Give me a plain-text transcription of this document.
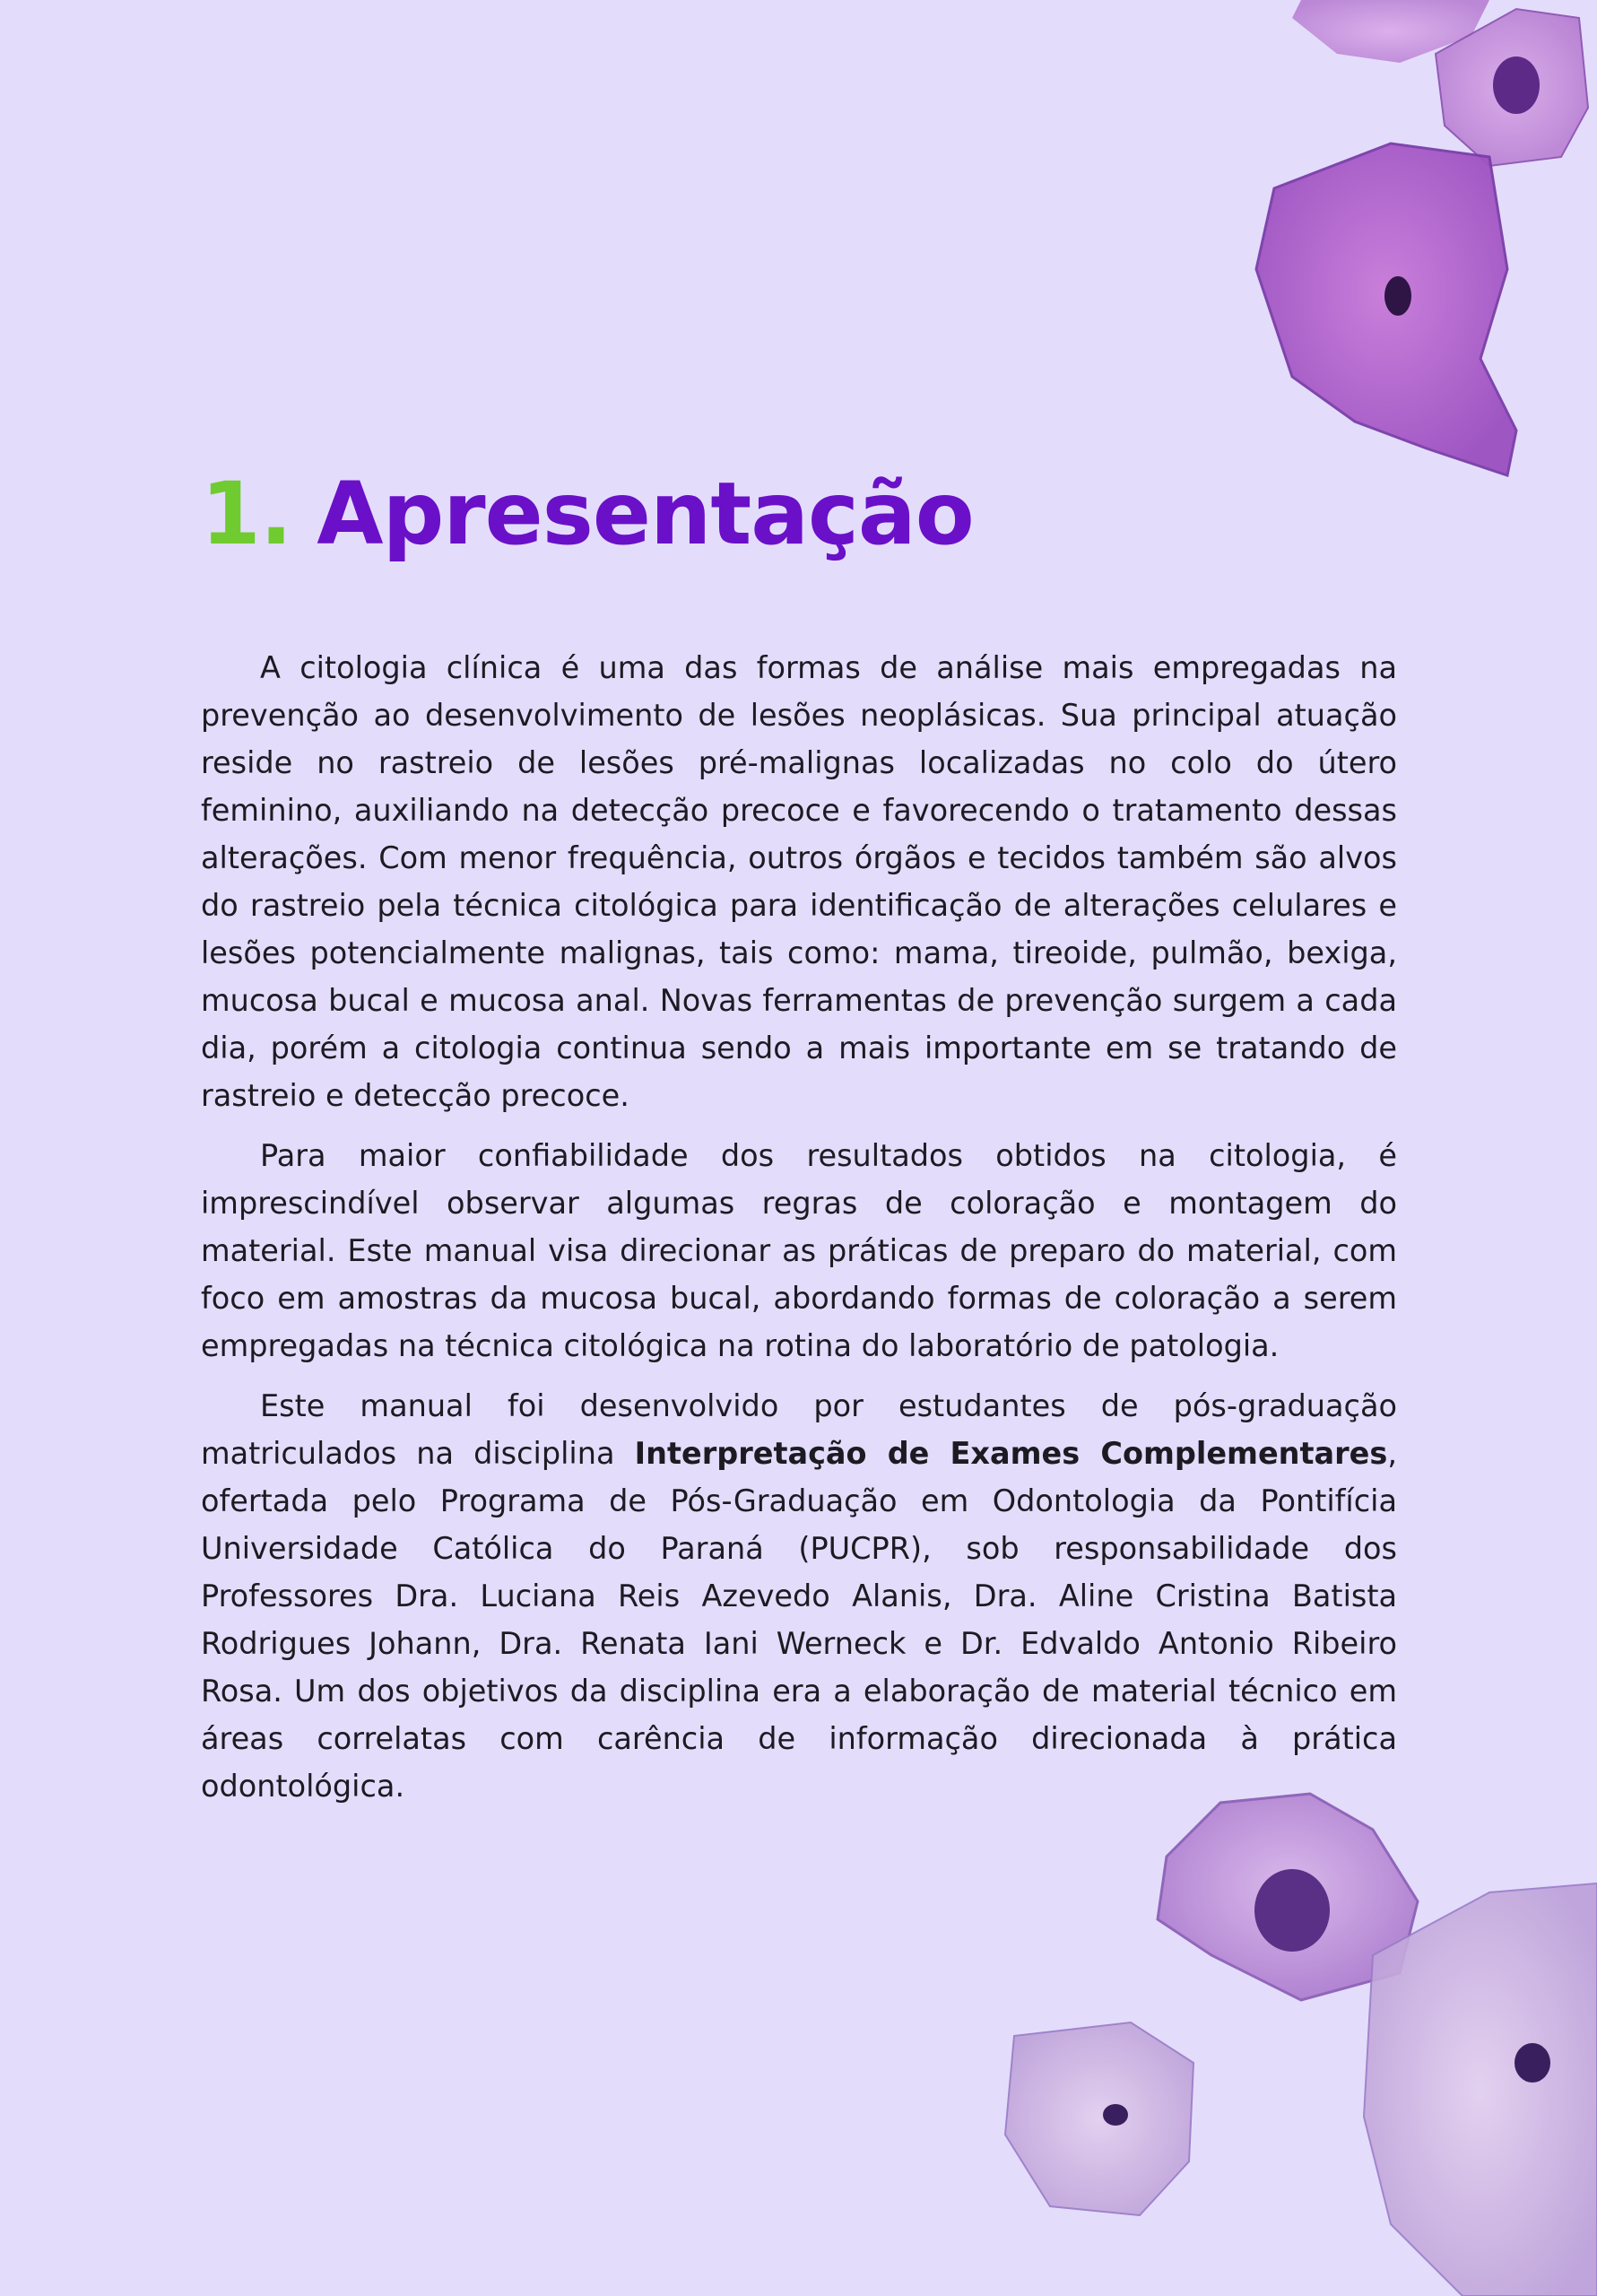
1. Apresentação

A citologia clínica é uma das formas de análise mais empregadas na prevenção ao desenvolvimento de lesões neoplásicas. Sua principal atuação reside no rastreio de lesões pré-malignas localizadas no colo do útero feminino, auxiliando na detecção precoce e favorecendo o tratamento dessas alterações. Com menor frequência, outros órgãos e tecidos também são alvos do rastreio pela técnica citológica para identificação de alterações celulares e lesões potencialmente malignas, tais como: mama, tireoide, pulmão, bexiga, mucosa bucal e mucosa anal. Novas ferramentas de prevenção surgem a cada dia, porém a citologia continua sendo a mais importante em se tratando de rastreio e detecção precoce.

Para maior confiabilidade dos resultados obtidos na citologia, é imprescindível observar algumas regras de coloração e montagem do material. Este manual visa direcionar as práticas de preparo do material, com foco em amostras da mucosa bucal, abordando formas de coloração a serem empregadas na técnica citológica na rotina do laboratório de patologia.

Este manual foi desenvolvido por estudantes de pós-graduação matriculados na disciplina Interpretação de Exames Complementares, ofertada pelo Programa de Pós-Graduação em Odontologia da Pontifícia Universidade Católica do Paraná (PUCPR), sob responsabilidade dos Professores Dra. Luciana Reis Azevedo Alanis, Dra. Aline Cristina Batista Rodrigues Johann, Dra. Renata Iani Werneck e Dr. Edvaldo Antonio Ribeiro Rosa. Um dos objetivos da disciplina era a elaboração de material técnico em áreas correlatas com carência de informação direcionada à prática odontológica.
